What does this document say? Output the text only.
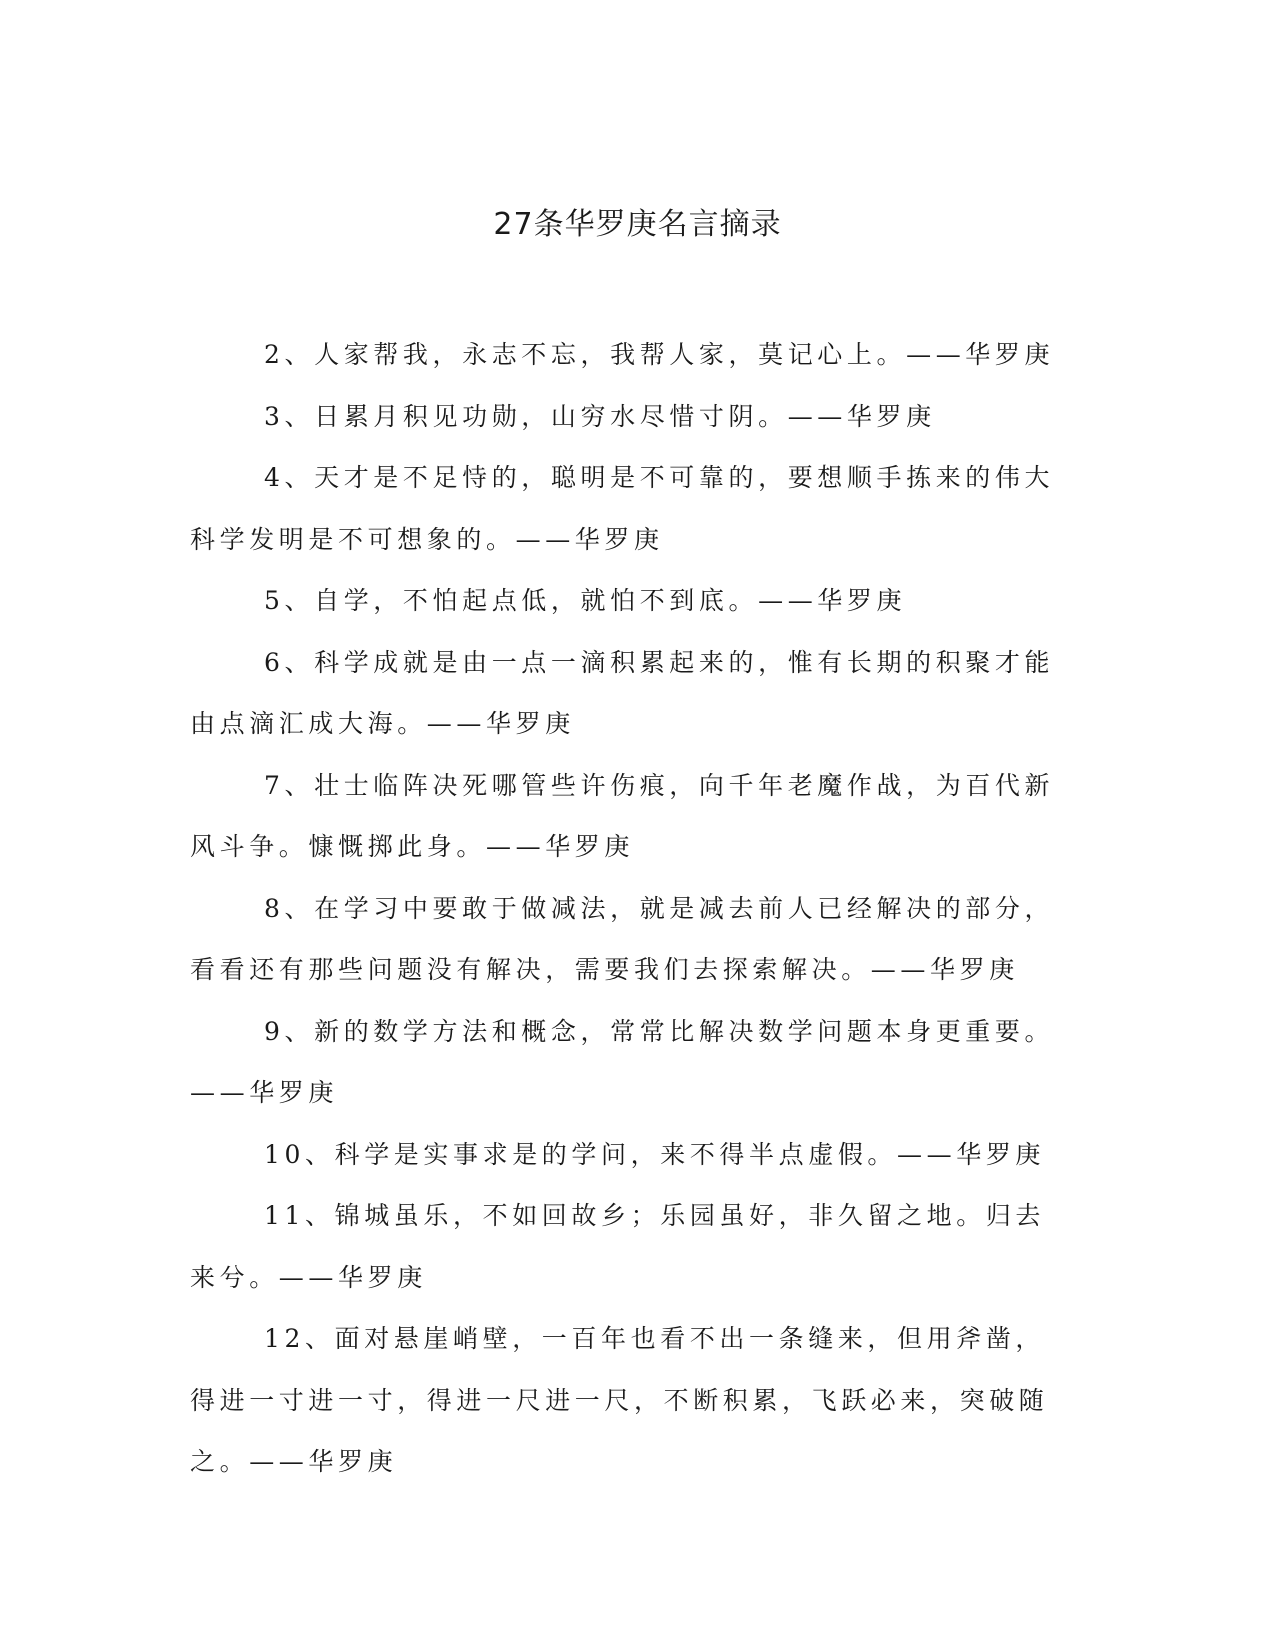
27条华罗庚名言摘录

2、人家帮我，永志不忘，我帮人家，莫记心上。——华罗庚

3、日累月积见功勋，山穷水尽惜寸阴。——华罗庚

4、天才是不足恃的，聪明是不可靠的，要想顺手拣来的伟大科学发明是不可想象的。——华罗庚

5、自学，不怕起点低，就怕不到底。——华罗庚

6、科学成就是由一点一滴积累起来的，惟有长期的积聚才能由点滴汇成大海。——华罗庚

7、壮士临阵决死哪管些许伤痕，向千年老魔作战，为百代新风斗争。慷慨掷此身。——华罗庚

8、在学习中要敢于做减法，就是减去前人已经解决的部分，看看还有那些问题没有解决，需要我们去探索解决。——华罗庚

9、新的数学方法和概念，常常比解决数学问题本身更重要。——华罗庚

10、科学是实事求是的学问，来不得半点虚假。——华罗庚

11、锦城虽乐，不如回故乡；乐园虽好，非久留之地。归去来兮。——华罗庚

12、面对悬崖峭壁，一百年也看不出一条缝来，但用斧凿，得进一寸进一寸，得进一尺进一尺，不断积累，飞跃必来，突破随之。——华罗庚
